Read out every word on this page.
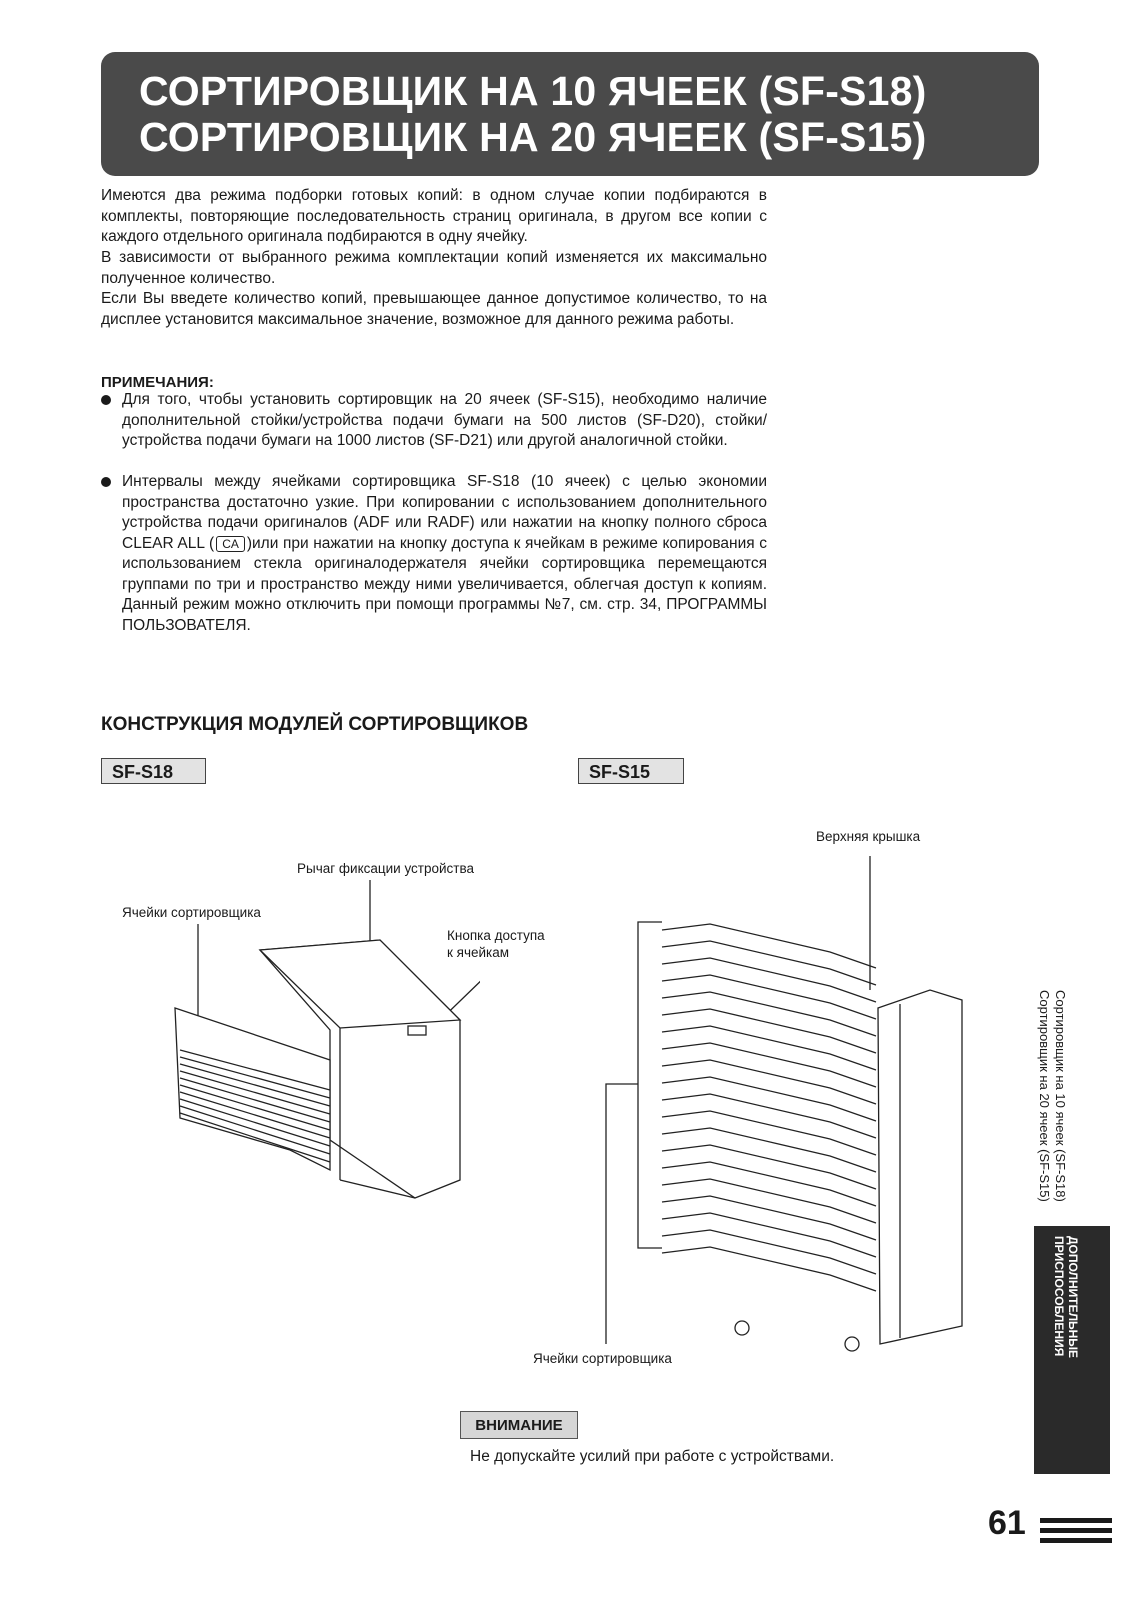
СОРТИРОВЩИК НА 10 ЯЧЕЕК (SF-S18)
СОРТИРОВЩИК НА 20 ЯЧЕЕК (SF-S15)

Имеются два режима подборки готовых копий: в одном случае копии подбираются в комплекты, повторяющие последовательность страниц оригинала, в другом все копии с каждого отдельного оригинала подбираются в одну ячейку.

В зависимости от выбранного режима комплектации копий изменяется их максимально полученное количество.

Если Вы введете количество копий, превышающее данное допустимое количество, то на дисплее установится максимальное значение, возможное для данного режима работы.

ПРИМЕЧАНИЯ:
Для того, чтобы установить сортировщик на 20 ячеек (SF-S15), необходимо наличие дополнительной стойки/устройства подачи бумаги на 500 листов (SF-D20), стойки/устройства подачи бумаги на 1000 листов (SF-D21) или другой аналогичной стойки.
Интервалы между ячейками сортировщика SF-S18 (10 ячеек) с целью экономии пространства достаточно узкие. При копировании с использованием дополнительного устройства подачи оригиналов (ADF или RADF) или нажатии на кнопку полного сброса CLEAR ALL ( CA )или при нажатии на кнопку доступа к ячейкам в режиме копирования с использованием стекла оригиналодержателя ячейки сортировщика перемещаются группами по три и пространство между ними увеличивается, облегчая доступ к копиям. Данный режим можно отключить при помощи программы №7, см. стр. 34, ПРОГРАММЫ ПОЛЬЗОВАТЕЛЯ.
КОНСТРУКЦИЯ МОДУЛЕЙ СОРТИРОВЩИКОВ
SF-S18	SF-S15
Рычаг фиксации устройства
Ячейки сортировщика
Кнопка доступа
к ячейкам
Верхняя крышка
Ячейки сортировщика
Сортировщик на 10 ячеек (SF-S18)
Сортировщик на 20 ячеек (SF-S15)
ДОПОЛНИТЕЛЬНЫЕ
ПРИСПОСОБЛЕНИЯ
ВНИМАНИЕ
Не допускайте усилий при работе с устройствами.
61
